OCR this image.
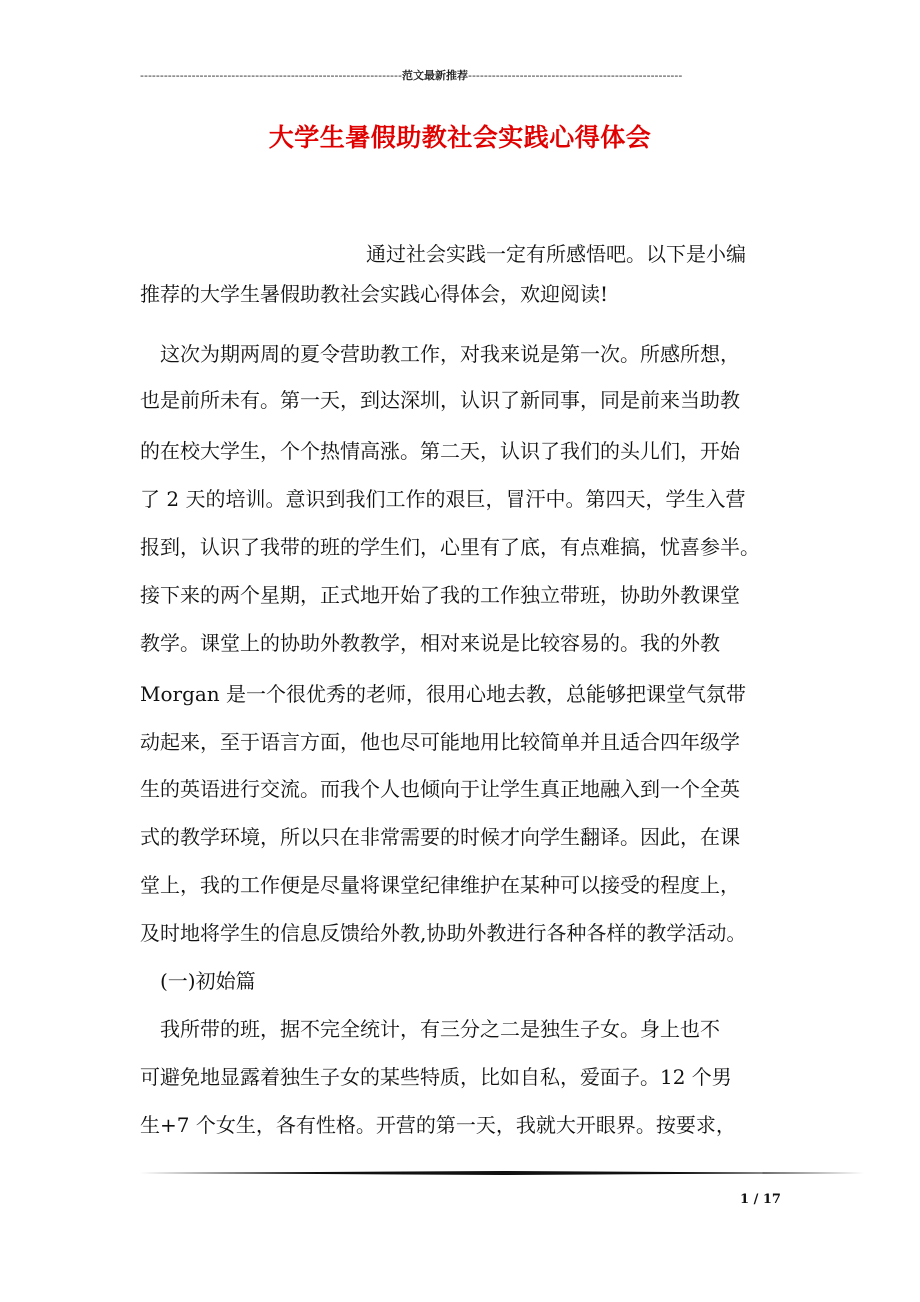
------------------------------------------------------------------范文最新推荐------------------------------------------------------
大学生暑假助教社会实践心得体会
通过社会实践一定有所感悟吧。以下是小编
推荐的大学生暑假助教社会实践心得体会，欢迎阅读!
　这次为期两周的夏令营助教工作，对我来说是第一次。所感所想，
也是前所未有。第一天，到达深圳，认识了新同事，同是前来当助教
的在校大学生，个个热情高涨。第二天，认识了我们的头儿们，开始
了 2 天的培训。意识到我们工作的艰巨，冒汗中。第四天，学生入营
报到，认识了我带的班的学生们，心里有了底，有点难搞，忧喜参半。
接下来的两个星期，正式地开始了我的工作独立带班，协助外教课堂
教学。课堂上的协助外教教学，相对来说是比较容易的。我的外教
Morgan 是一个很优秀的老师，很用心地去教，总能够把课堂气氛带
动起来，至于语言方面，他也尽可能地用比较简单并且适合四年级学
生的英语进行交流。而我个人也倾向于让学生真正地融入到一个全英
式的教学环境，所以只在非常需要的时候才向学生翻译。因此，在课
堂上，我的工作便是尽量将课堂纪律维护在某种可以接受的程度上，
及时地将学生的信息反馈给外教,协助外教进行各种各样的教学活动。
　(一)初始篇
　我所带的班，据不完全统计，有三分之二是独生子女。身上也不
可避免地显露着独生子女的某些特质，比如自私，爱面子。12 个男
生+7 个女生，各有性格。开营的第一天，我就大开眼界。按要求，
1 / 17
